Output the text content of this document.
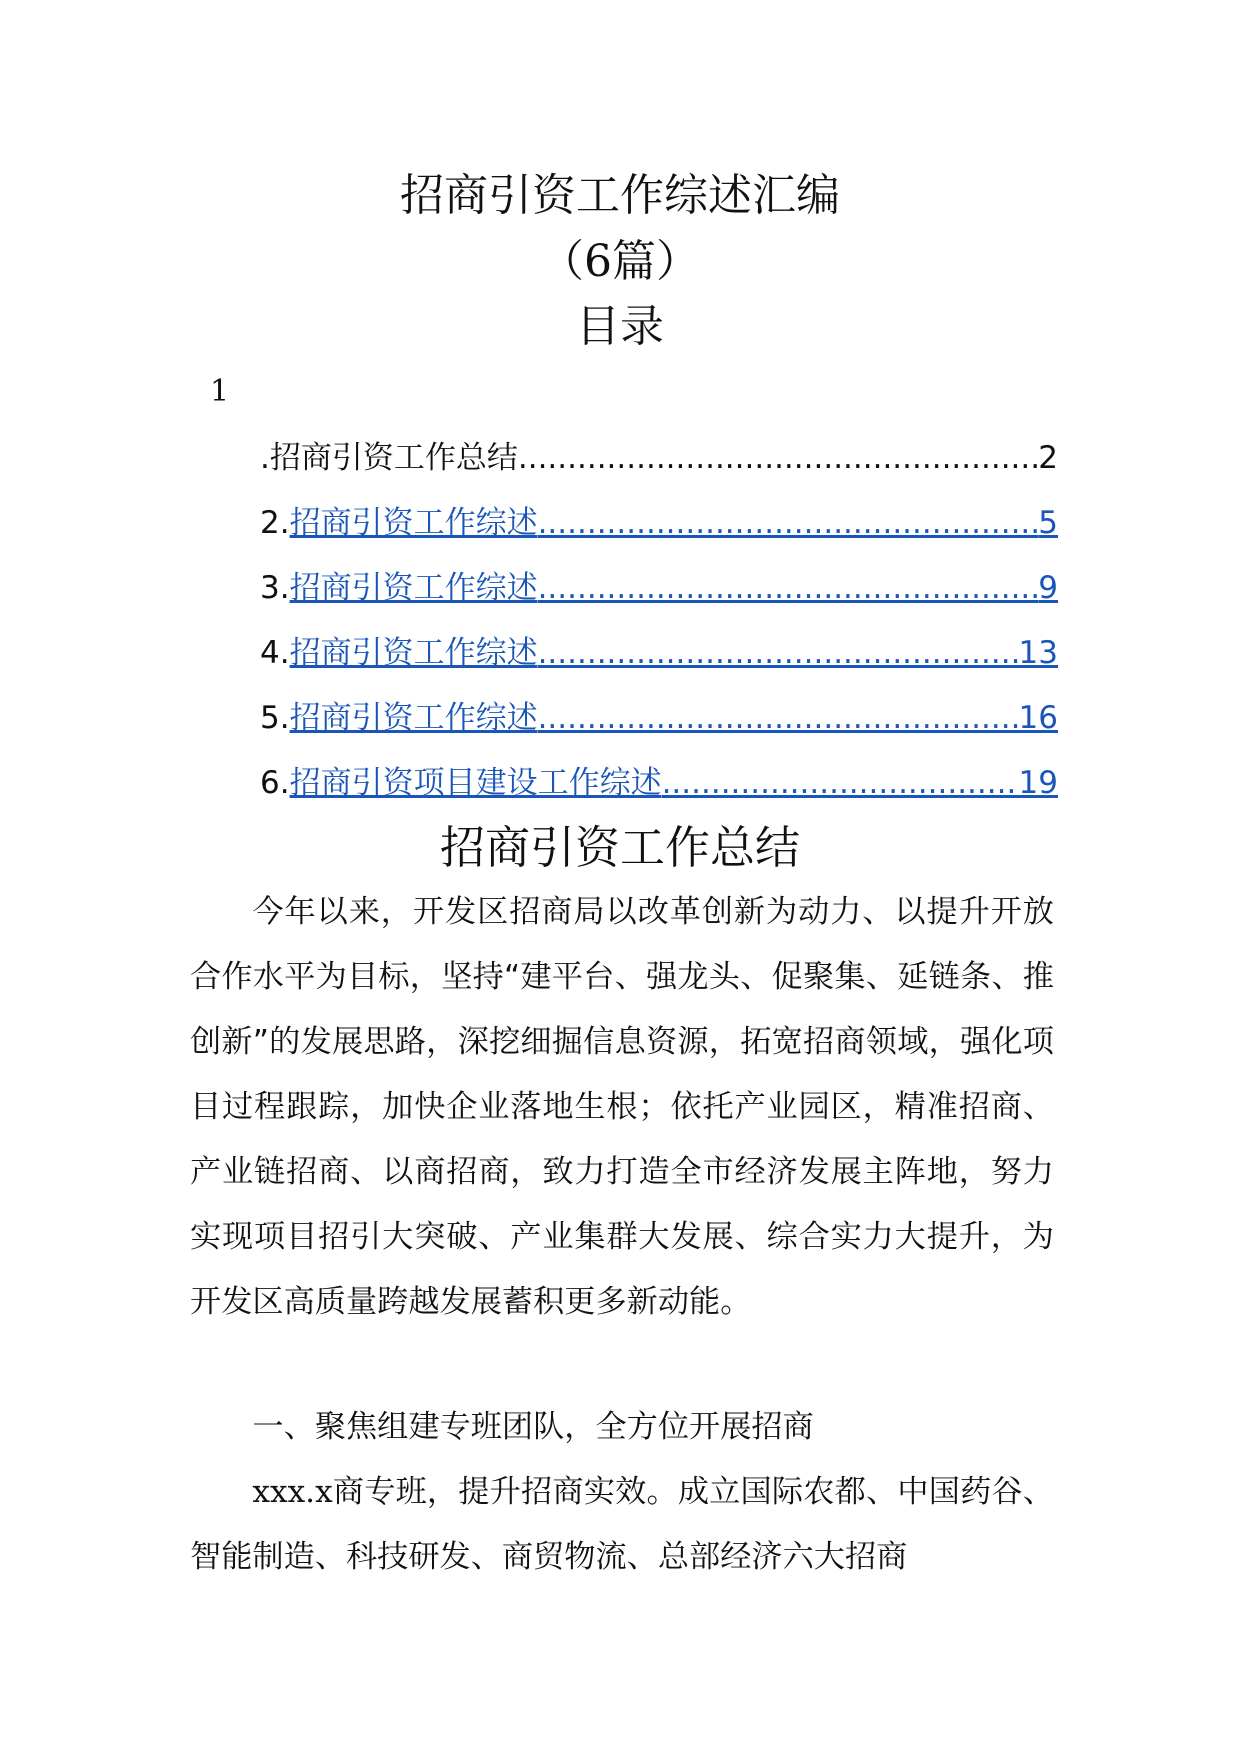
招商引资工作综述汇编
（6篇）
目录
1
.招商引资工作总结 .....	2
2. 招商引资工作综述 .....	5
3. 招商引资工作综述 .....	9
4. 招商引资工作综述 .....	13
5. 招商引资工作综述 .....	16
6. 招商引资项目建设工作综述 .....	19
招商引资工作总结

今年以来，开发区招商局以改革创新为动力、以提升开放合作水平为目标，坚持“建平台、强龙头、促聚集、延链条、推创新”的发展思路，深挖细掘信息资源，拓宽招商领域，强化项目过程跟踪，加快企业落地生根；依托产业园区，精准招商、产业链招商、以商招商，致力打造全市经济发展主阵地，努力实现项目招引大突破、产业集群大发展、综合实力大提升，为开发区高质量跨越发展蓄积更多新动能。

一、聚焦组建专班团队，全方位开展招商

xxx.x商专班，提升招商实效。成立国际农都、中国药谷、智能制造、科技研发、商贸物流、总部经济六大招商
